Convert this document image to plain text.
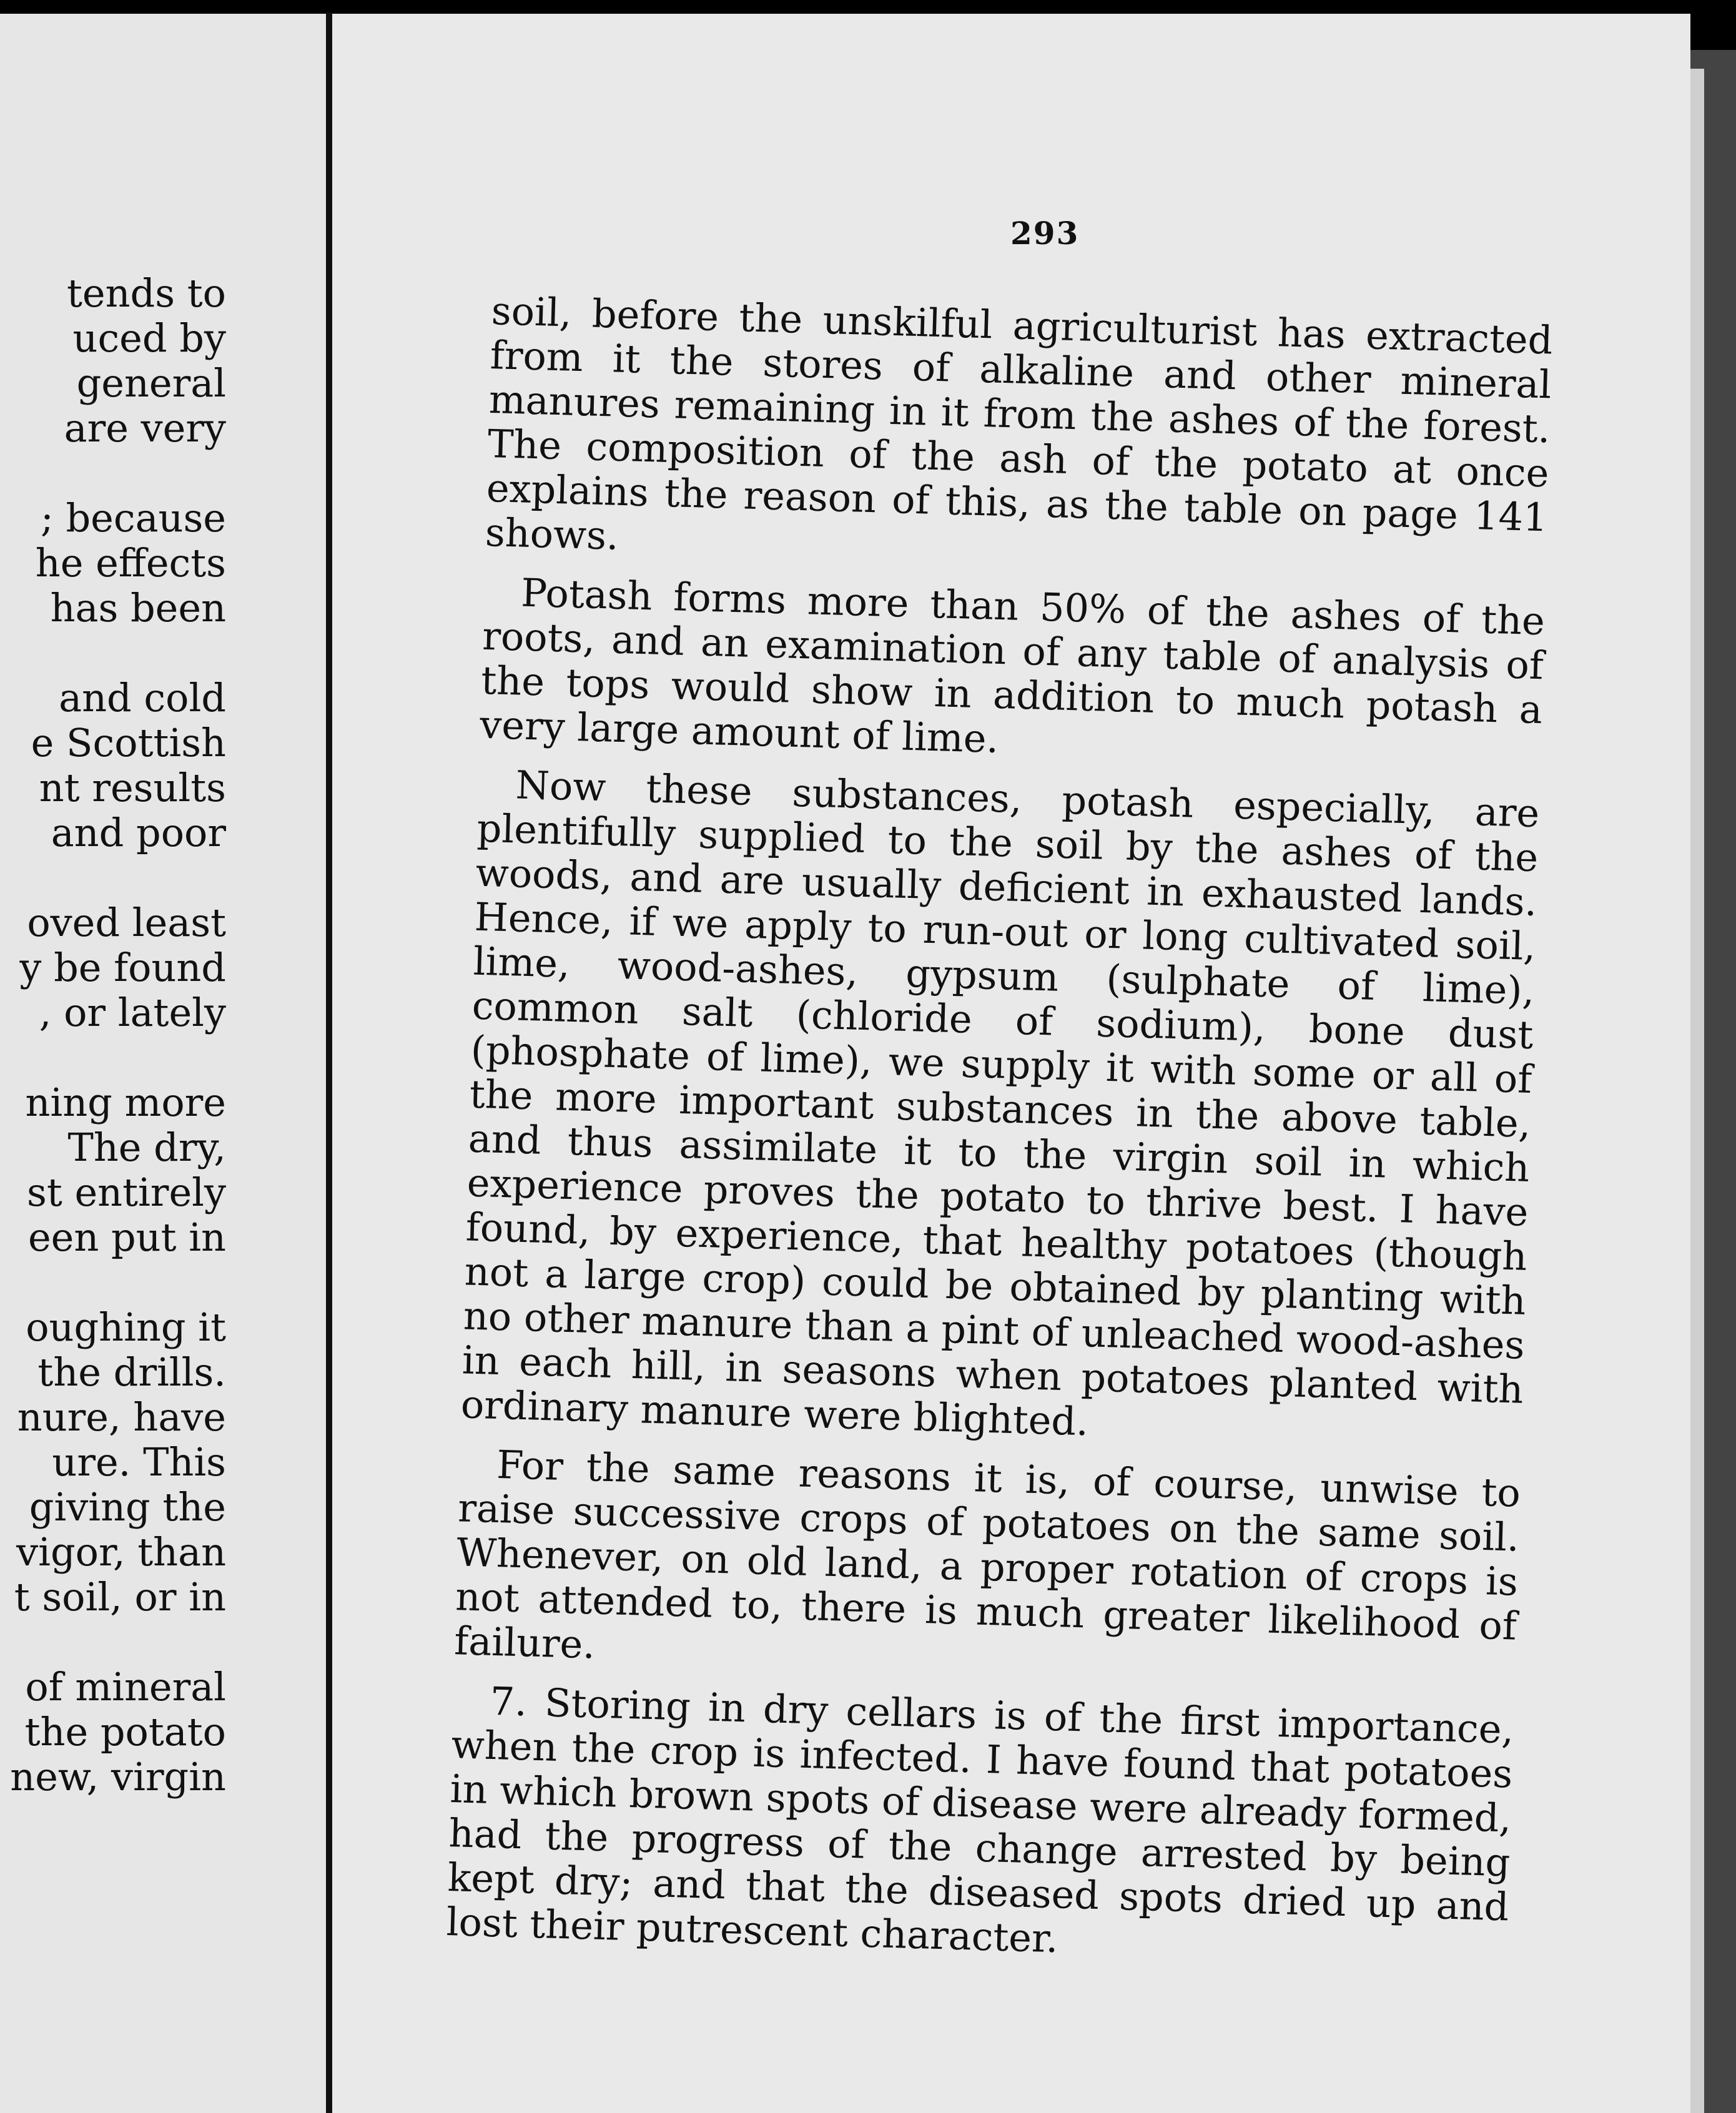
tends to
uced by
general
are very
; because
he effects
has been
and cold
e Scottish
nt results
and poor
oved least
y be found
, or lately
ning more
The dry,
st entirely
een put in
oughing it
the drills.
nure, have
ure. This
giving the
vigor, than
t soil, or in
of mineral
the potato
new, virgin
293

soil, before the unskilful agriculturist has extracted from it the stores of alkaline and other mineral manures remaining in it from the ashes of the forest. The composition of the ash of the potato at once explains the reason of this, as the table on page 141 shows.

Potash forms more than 50% of the ashes of the roots, and an examination of any table of analysis of the tops would show in addition to much potash a very large amount of lime.

Now these substances, potash especially, are plentifully supplied to the soil by the ashes of the woods, and are usually deficient in exhausted lands. Hence, if we apply to run-out or long cultivated soil, lime, wood-ashes, gypsum (sulphate of lime), common salt (chloride of sodium), bone dust (phosphate of lime), we supply it with some or all of the more important substances in the above table, and thus assimilate it to the virgin soil in which experience proves the potato to thrive best. I have found, by experience, that healthy potatoes (though not a large crop) could be obtained by planting with no other manure than a pint of unleached wood-ashes in each hill, in seasons when potatoes planted with ordinary manure were blighted.

For the same reasons it is, of course, unwise to raise successive crops of potatoes on the same soil. Whenever, on old land, a proper rotation of crops is not attended to, there is much greater likelihood of failure.

7. Storing in dry cellars is of the first importance, when the crop is infected. I have found that potatoes in which brown spots of disease were already formed, had the progress of the change arrested by being kept dry; and that the diseased spots dried up and lost their putrescent character.
